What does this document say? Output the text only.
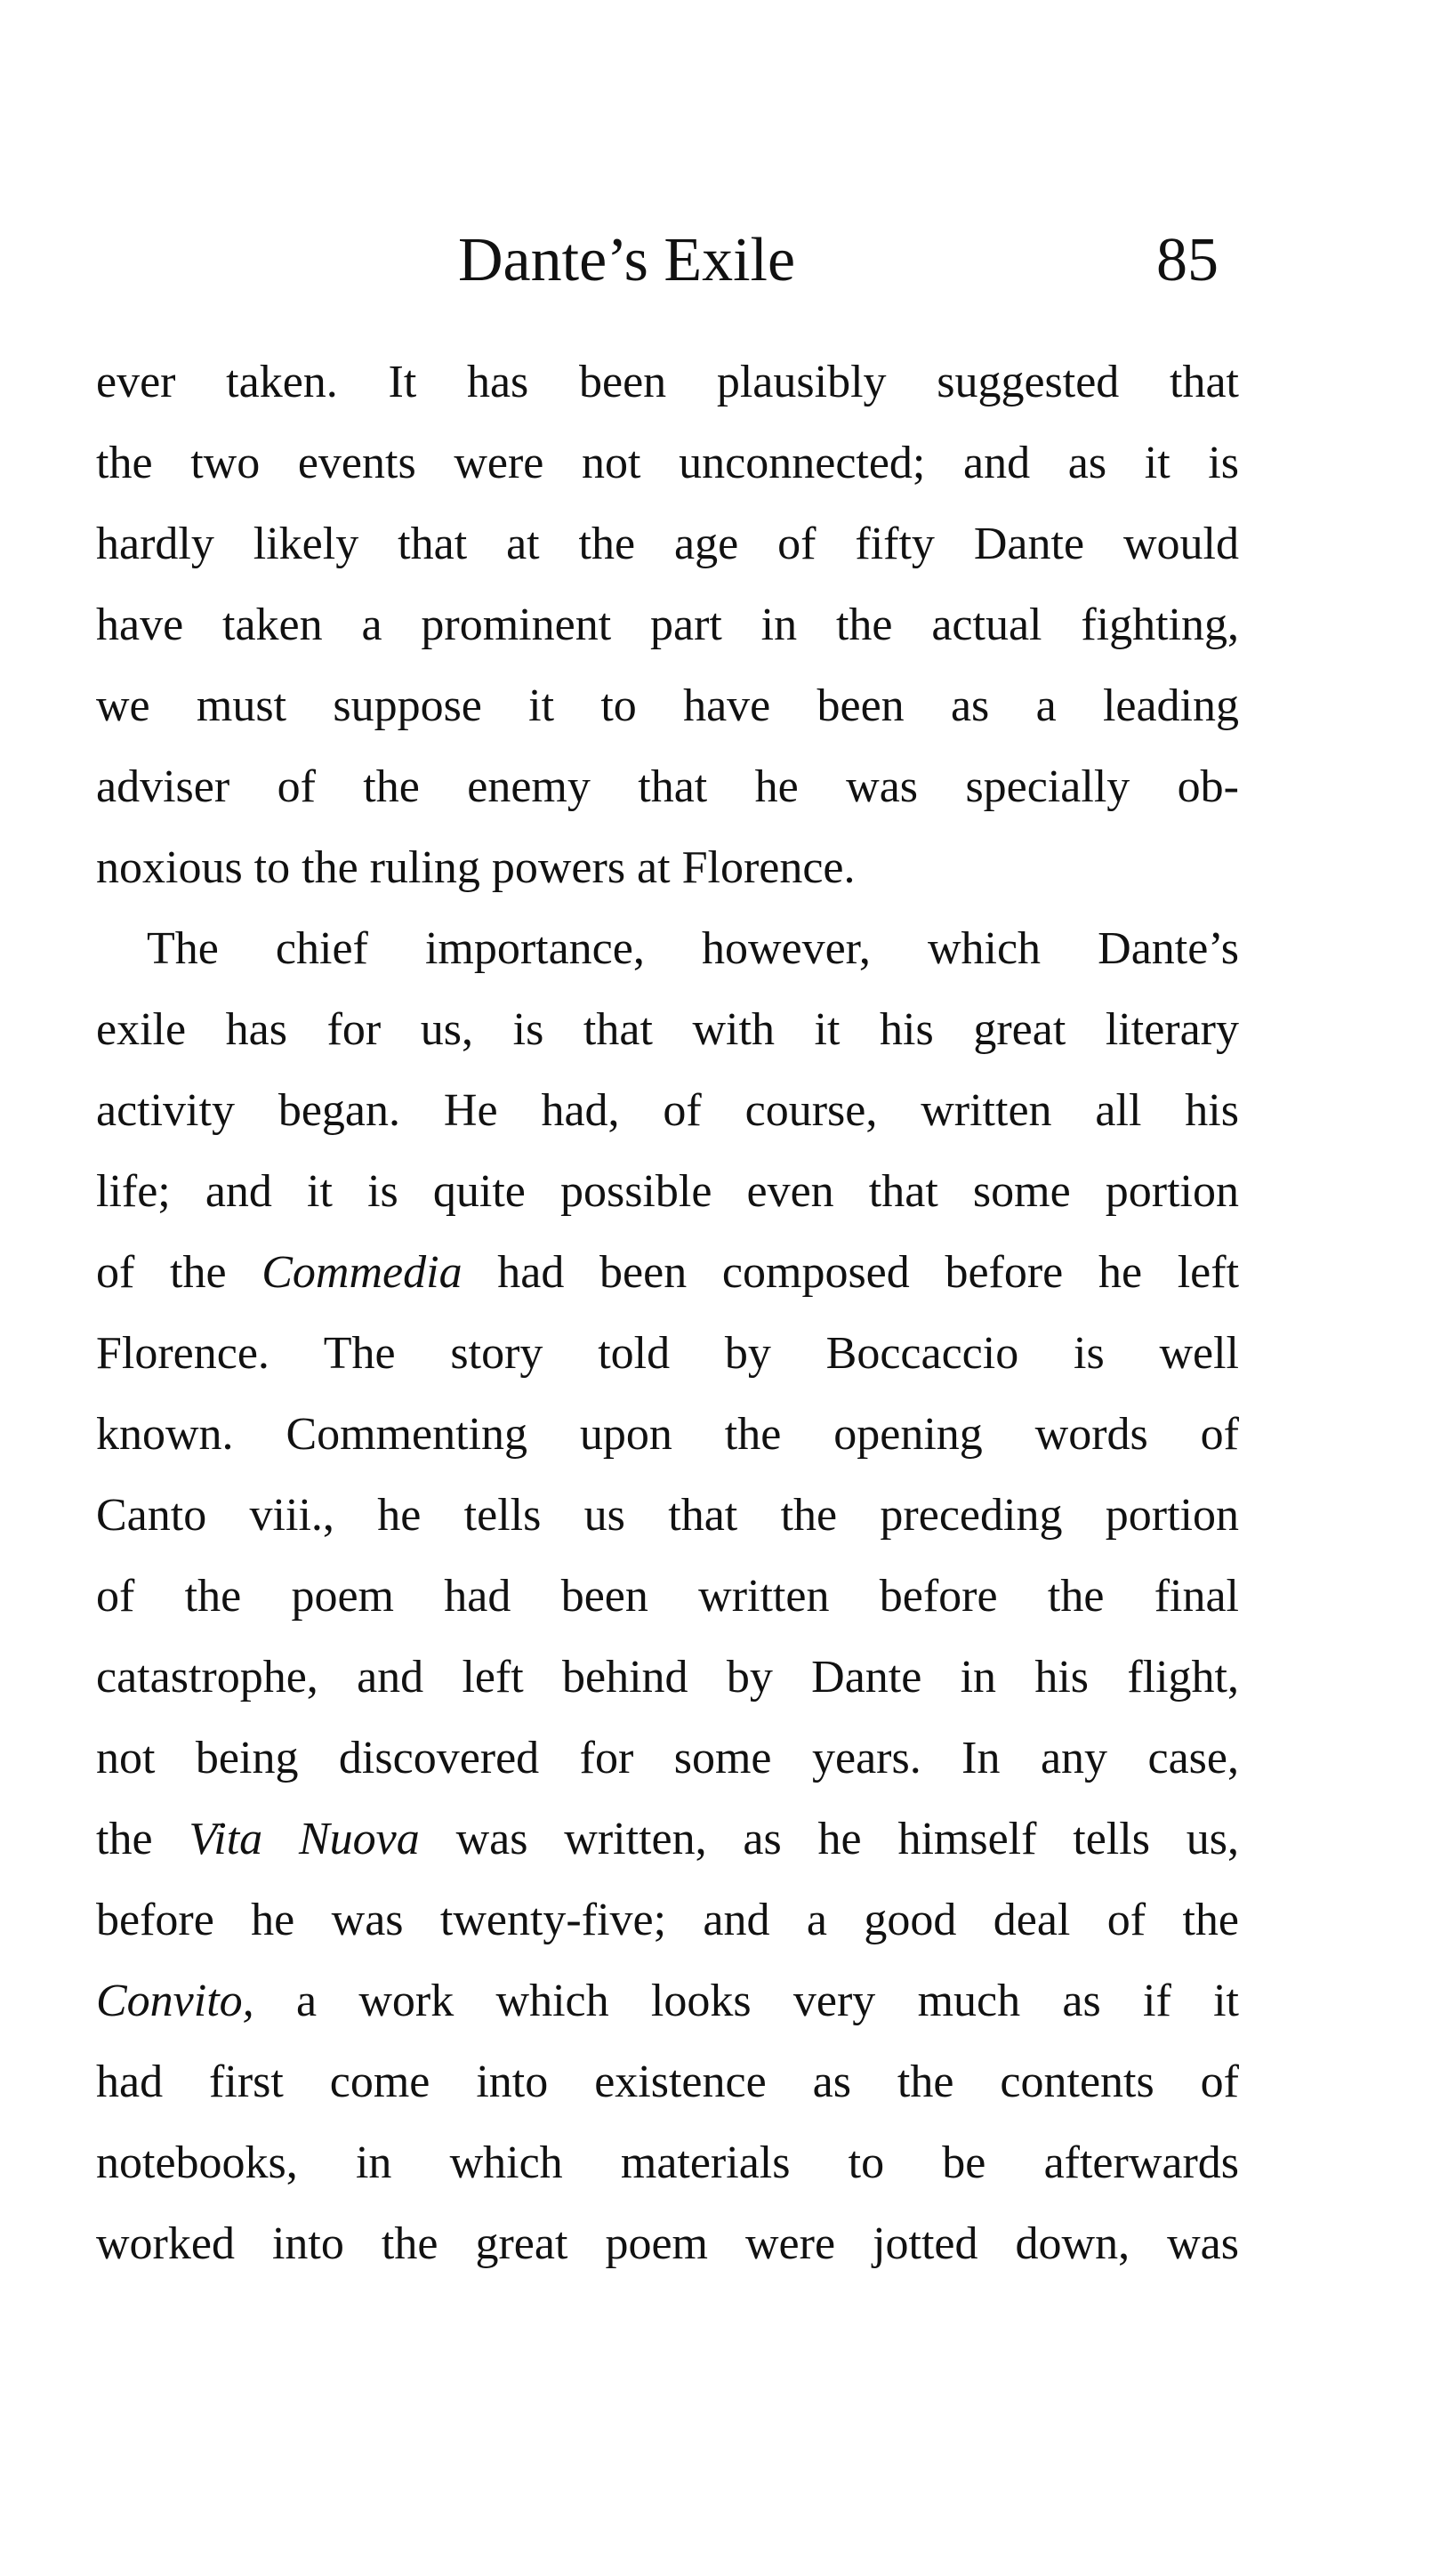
Dante’s Exile	85
ever taken. It has been plausibly suggested that
the two events were not unconnected; and as it is
hardly likely that at the age of fifty Dante would
have taken a prominent part in the actual fighting,
we must suppose it to have been as a leading
adviser of the enemy that he was specially ob-
noxious to the ruling powers at Florence.
The chief importance, however, which Dante’s
exile has for us, is that with it his great literary
activity began. He had, of course, written all his
life; and it is quite possible even that some portion
of the Commedia had been composed before he left
Florence. The story told by Boccaccio is well
known. Commenting upon the opening words of
Canto viii., he tells us that the preceding portion
of the poem had been written before the final
catastrophe, and left behind by Dante in his flight,
not being discovered for some years. In any case,
the Vita Nuova was written, as he himself tells us,
before he was twenty-five; and a good deal of the
Convito, a work which looks very much as if it
had first come into existence as the contents of
notebooks, in which materials to be afterwards
worked into the great poem were jotted down, was
